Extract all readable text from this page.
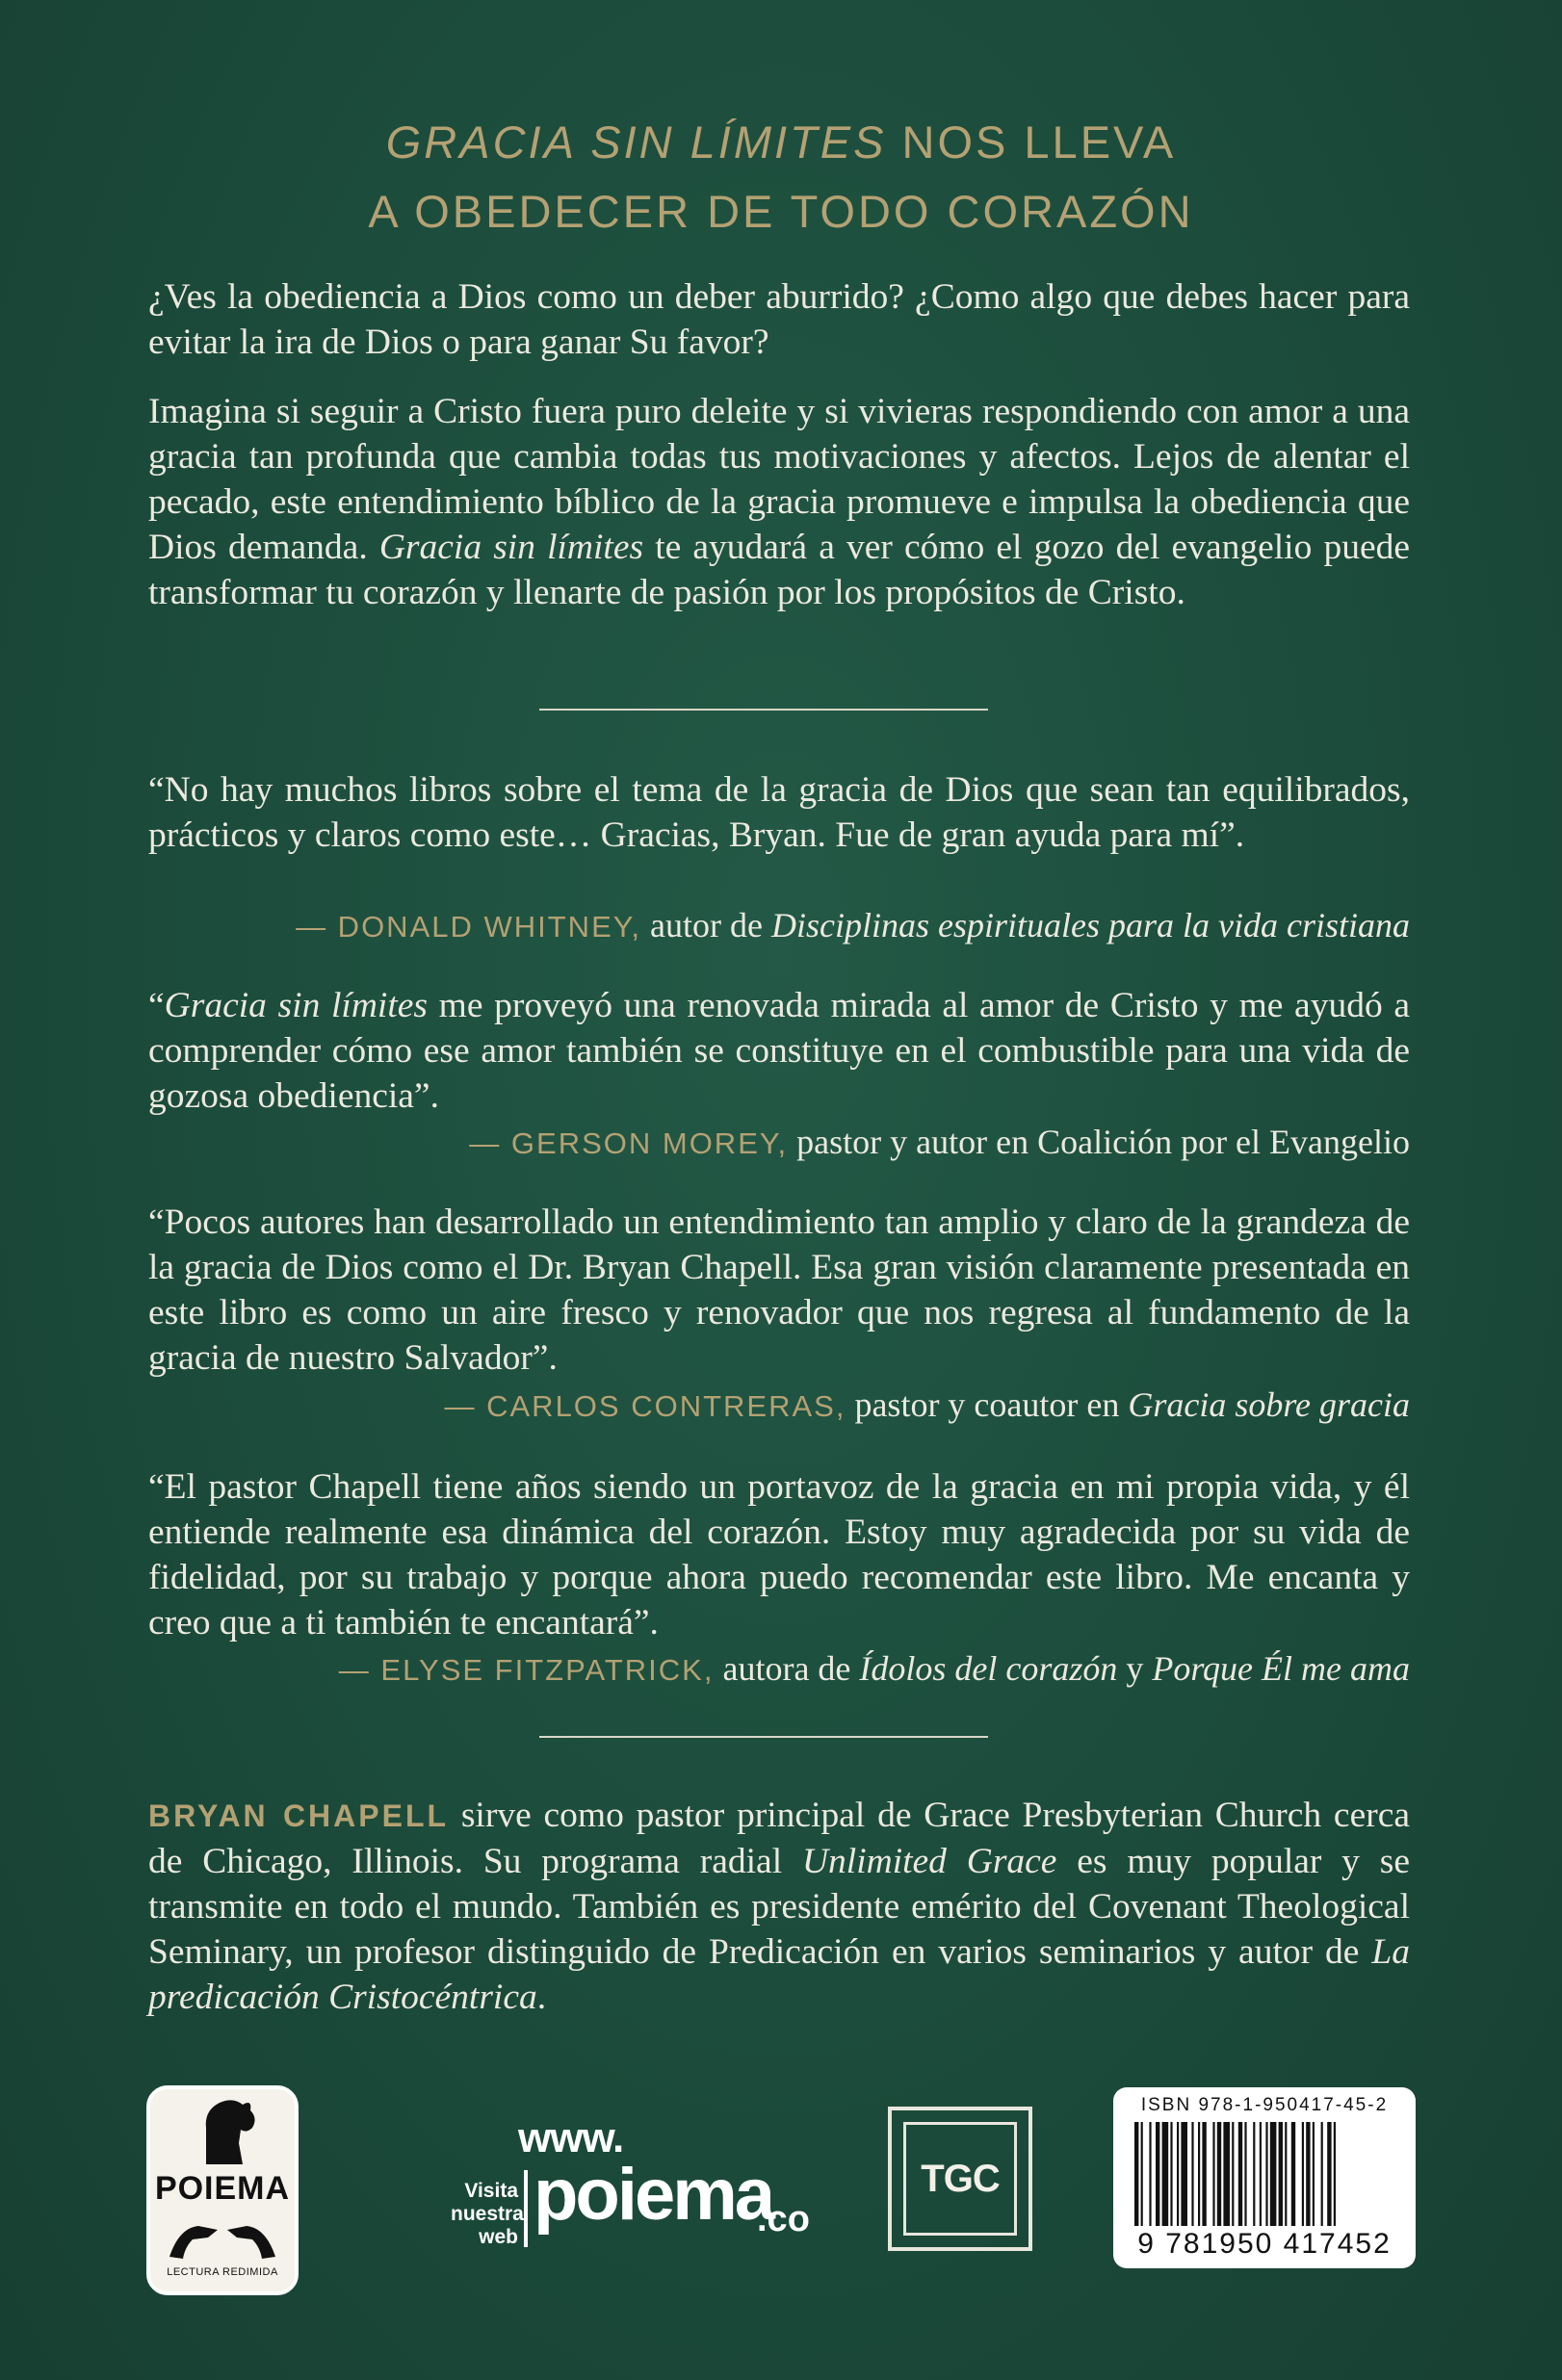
GRACIA SIN LÍMITES NOS LLEVA
A OBEDECER DE TODO CORAZÓN

¿Ves la obediencia a Dios como un deber aburrido? ¿Como algo que debes hacer para evitar la ira de Dios o para ganar Su favor?

Imagina si seguir a Cristo fuera puro deleite y si vivieras respondiendo con amor a una gracia tan profunda que cambia todas tus motivaciones y afectos. Lejos de alentar el pecado, este entendimiento bíblico de la gracia promueve e impulsa la obediencia que Dios demanda. Gracia sin límites te ayudará a ver cómo el gozo del evangelio puede transformar tu corazón y llenarte de pasión por los propósitos de Cristo.

“No hay muchos libros sobre el tema de la gracia de Dios que sean tan equilibrados, prácticos y claros como este… Gracias, Bryan. Fue de gran ayuda para mí”.

— DONALD WHITNEY, autor de Disciplinas espirituales para la vida cristiana

“Gracia sin límites me proveyó una renovada mirada al amor de Cristo y me ayudó a comprender cómo ese amor también se constituye en el combustible para una vida de gozosa obediencia”.

— GERSON MOREY, pastor y autor en Coalición por el Evangelio

“Pocos autores han desarrollado un entendimiento tan amplio y claro de la grandeza de la gracia de Dios como el Dr. Bryan Chapell. Esa gran visión claramente presentada en este libro es como un aire fresco y renovador que nos regresa al fundamento de la gracia de nuestro Salvador”.

— CARLOS CONTRERAS, pastor y coautor en Gracia sobre gracia

“El pastor Chapell tiene años siendo un portavoz de la gracia en mi propia vida, y él entiende realmente esa dinámica del corazón. Estoy muy agradecida por su vida de fidelidad, por su trabajo y porque ahora puedo recomendar este libro. Me encanta y creo que a ti también te encantará”.

— ELYSE FITZPATRICK, autora de Ídolos del corazón y Porque Él me ama

BRYAN CHAPELL sirve como pastor principal de Grace Presbyterian Church cerca de Chicago, Illinois. Su programa radial Unlimited Grace es muy popular y se transmite en todo el mundo. También es presidente emérito del Covenant Theological Seminary, un profesor distinguido de Predicación en varios seminarios y autor de La predicación Cristocéntrica.

POIEMA
LECTURA REDIMIDA
www.
Visita nuestra web
poiema
.co
TGC
ISBN 978-1-950417-45-2
9 781950 417452
